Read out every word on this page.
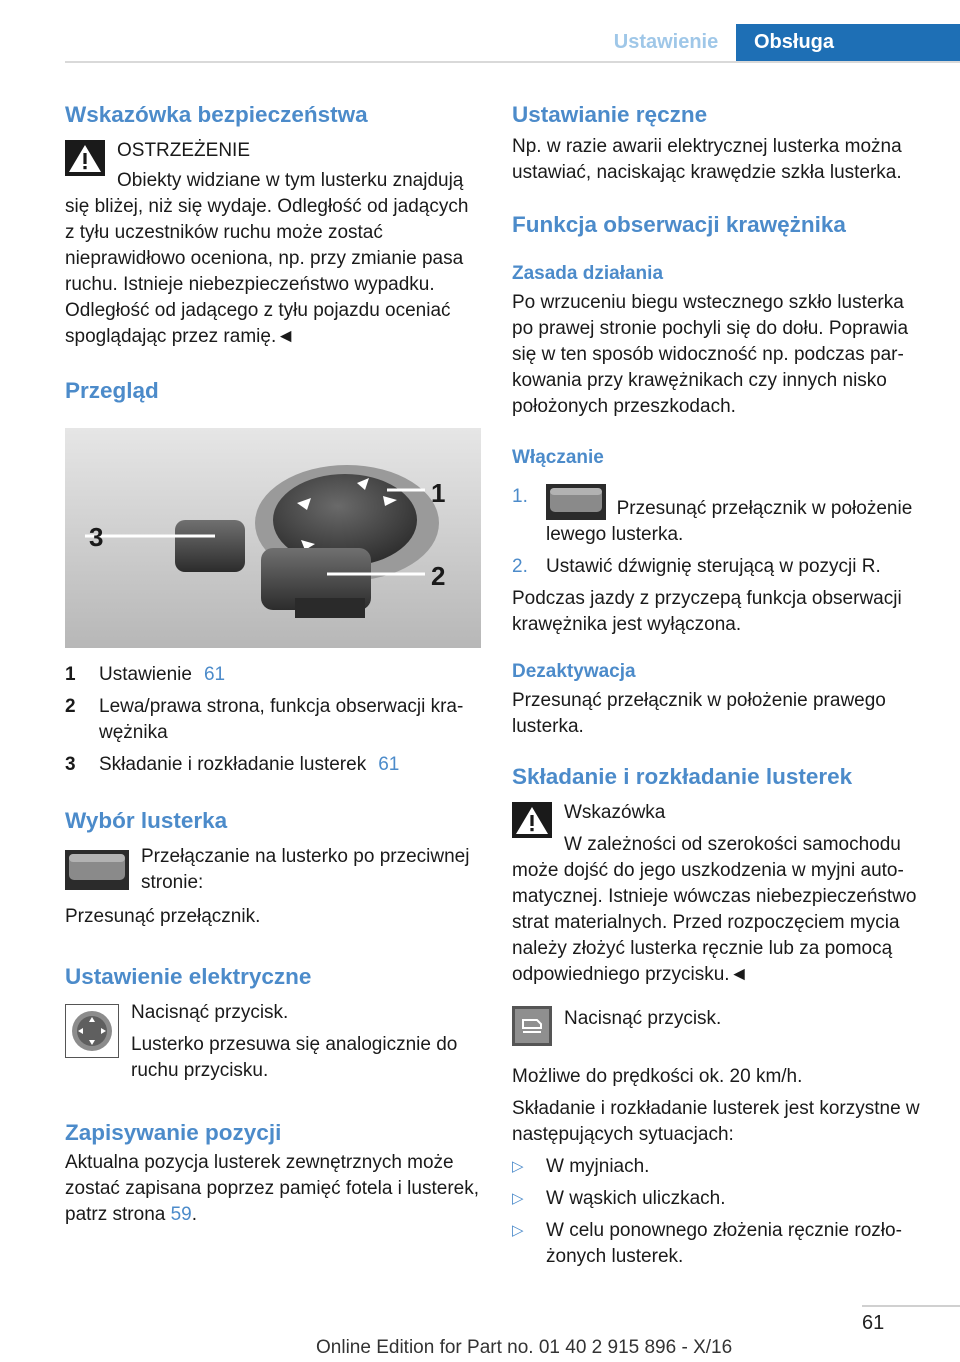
Ustawienie	Obsługa
Wskazówka bezpieczeństwa

OSTRZEŻENIE

Obiekty widziane w tym lusterku znajdują się bliżej, niż się wydaje. Odległość od jadących z tyłu uczestników ruchu może zostać nieprawidłowo oceniona, np. przy zmianie pasa ruchu. Istnieje niebezpieczeństwo wypadku. Odległość od jadącego z tyłu pojazdu oceniać spoglądając przez ramię.◄

Przegląd
1
2
3
1	Ustawienie 61
2	Lewa/prawa strona, funkcja obserwacji krawężnika
3	Składanie i rozkładanie lusterek 61
Wybór lusterka

Przełączanie na lusterko po przeciwnej stronie:

Przesunąć przełącznik.

Ustawienie elektryczne

Nacisnąć przycisk.

Lusterko przesuwa się analogicznie do ruchu przycisku.

Zapisywanie pozycji

Aktualna pozycja lusterek zewnętrznych może zostać zapisana poprzez pamięć fotela i lusterek, patrz strona 59.

Ustawianie ręczne

Np. w razie awarii elektrycznej lusterka można ustawiać, naciskając krawędzie szkła lusterka.

Funkcja obserwacji krawężnika
Zasada działania

Po wrzuceniu biegu wstecznego szkło lusterka po prawej stronie pochyli się do dołu. Poprawia się w ten sposób widoczność np. podczas parkowania przy krawężnikach czy innych nisko położonych przeszkodach.

Włączanie
1.
Przesunąć przełącznik w położenie lewego lusterka.
2. Ustawić dźwignię sterującą w pozycji R.

Podczas jazdy z przyczepą funkcja obserwacji krawężnika jest wyłączona.

Dezaktywacja

Przesunąć przełącznik w położenie prawego lusterka.

Składanie i rozkładanie lusterek

Wskazówka

W zależności od szerokości samochodu może dojść do jego uszkodzenia w myjni automatycznej. Istnieje wówczas niebezpieczeństwo strat materialnych. Przed rozpoczęciem mycia należy złożyć lusterka ręcznie lub za pomocą odpowiedniego przycisku.◄

Nacisnąć przycisk.

Możliwe do prędkości ok. 20 km/h.

Składanie i rozkładanie lusterek jest korzystne w następujących sytuacjach:

▷	W myjniach.
▷	W wąskich uliczkach.
▷	W celu ponownego złożenia ręcznie rozłożonych lusterek.
61
Online Edition for Part no. 01 40 2 915 896 - X/16
